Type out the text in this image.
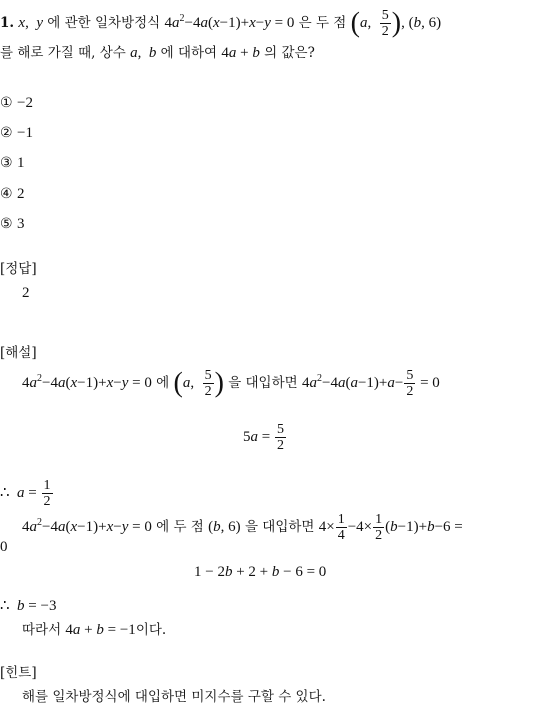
1. x,  y 에 관한 일차방정식 $4a^2-4a(x-1)+x-y = 0$ 은 두 점 (a, $\frac{5}{2}$ ), (b, 6)
를 해로 가질 때, 상수 a,  b 에 대하여 4a + b 의 값은?
① −2
② −1
③ 1
④ 2
⑤ 3
[정답]
2
[해설]
$4a^2-4a(x-1)+x-y = 0$ 에 (a, $\frac{5}{2}$ ) 을 대입하면 $4a^2-4a(a-1)+a- \frac{5}{2} = 0$
$5a = \frac{5}{2}$
∴  $a = \frac{1}{2}$
$4a^2-4a(x-1)+x-y = 0$ 에 두 점 (b, 6) 을 대입하면 $4\times \frac{1}{4} -4\times \frac{1}{2} (b-1)+b-6$ =
0
1 − 2b + 2 + b − 6 = 0
∴  b = −3
따라서 4a + b = −1이다.
[힌트]
해를 일차방정식에 대입하면 미지수를 구할 수 있다.
